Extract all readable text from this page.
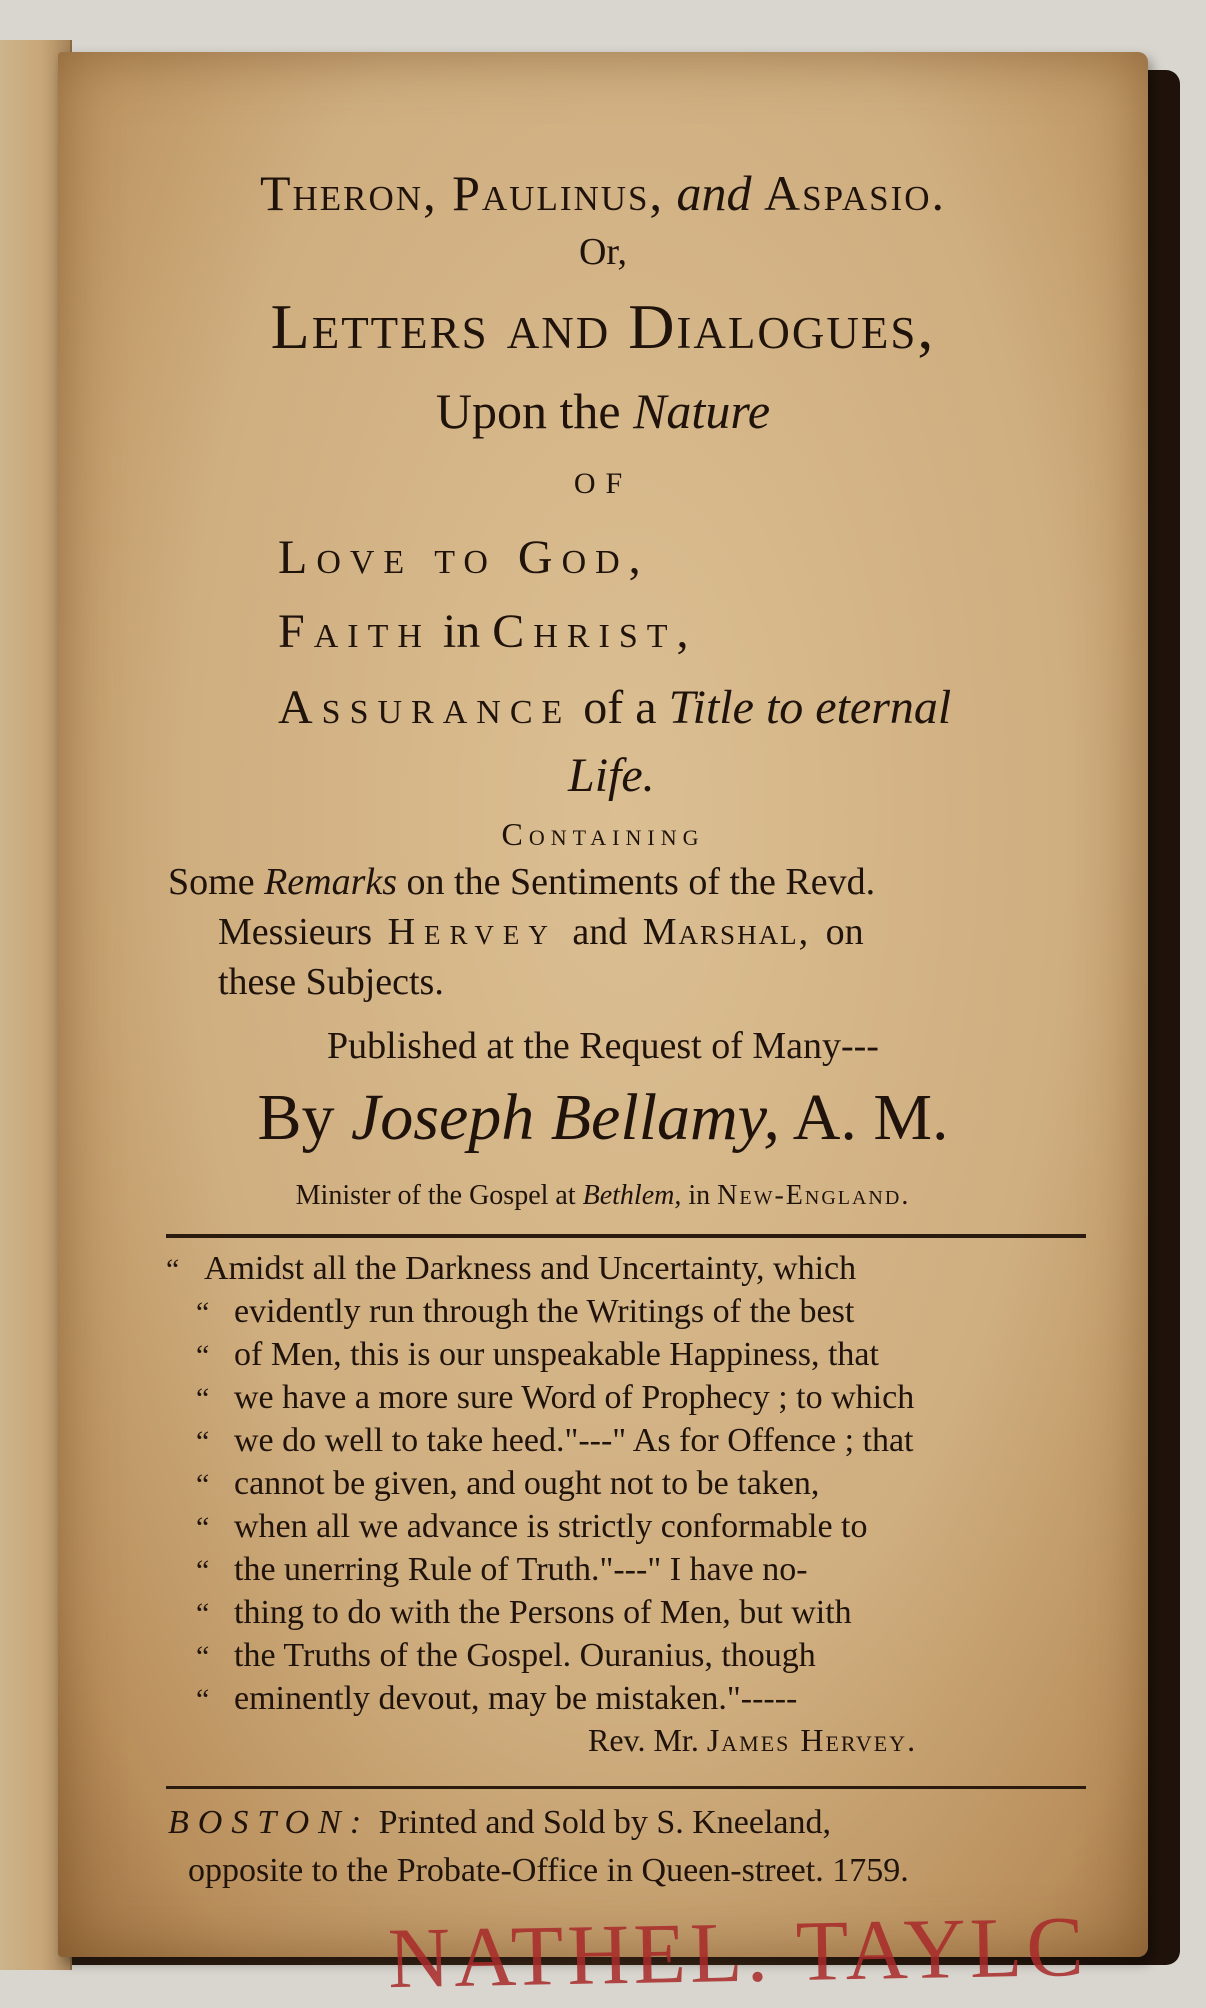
Theron, Paulinus, and Aspasio.
Or,
Letters and Dialogues,
Upon the Nature
OF
Love to God,
Faith in Christ,
Assurance of a Title to eternal
Life.
Containing
Some Remarks on the Sentiments of the Revd.
Messieurs Hervey and Marshal, on
these Subjects.
Published at the Request of Many---
By Joseph Bellamy, A. M.
Minister of the Gospel at Bethlem, in New-England.
“ Amidst all the Darkness and Uncertainty, which
“ evidently run through the Writings of the best
“ of Men, this is our unspeakable Happiness, that
“ we have a more sure Word of Prophecy ; to which
“ we do well to take heed."---" As for Offence ; that
“ cannot be given, and ought not to be taken,
“ when all we advance is strictly conformable to
“ the unerring Rule of Truth."---" I have no-
“ thing to do with the Persons of Men, but with
“ the Truths of the Gospel. Ouranius, though
“ eminently devout, may be mistaken."-----
Rev. Mr. James Hervey.
BOSTON: Printed and Sold by S. Kneeland,
opposite to the Probate-Office in Queen-street. 1759.
NATHEL. TAYLC
